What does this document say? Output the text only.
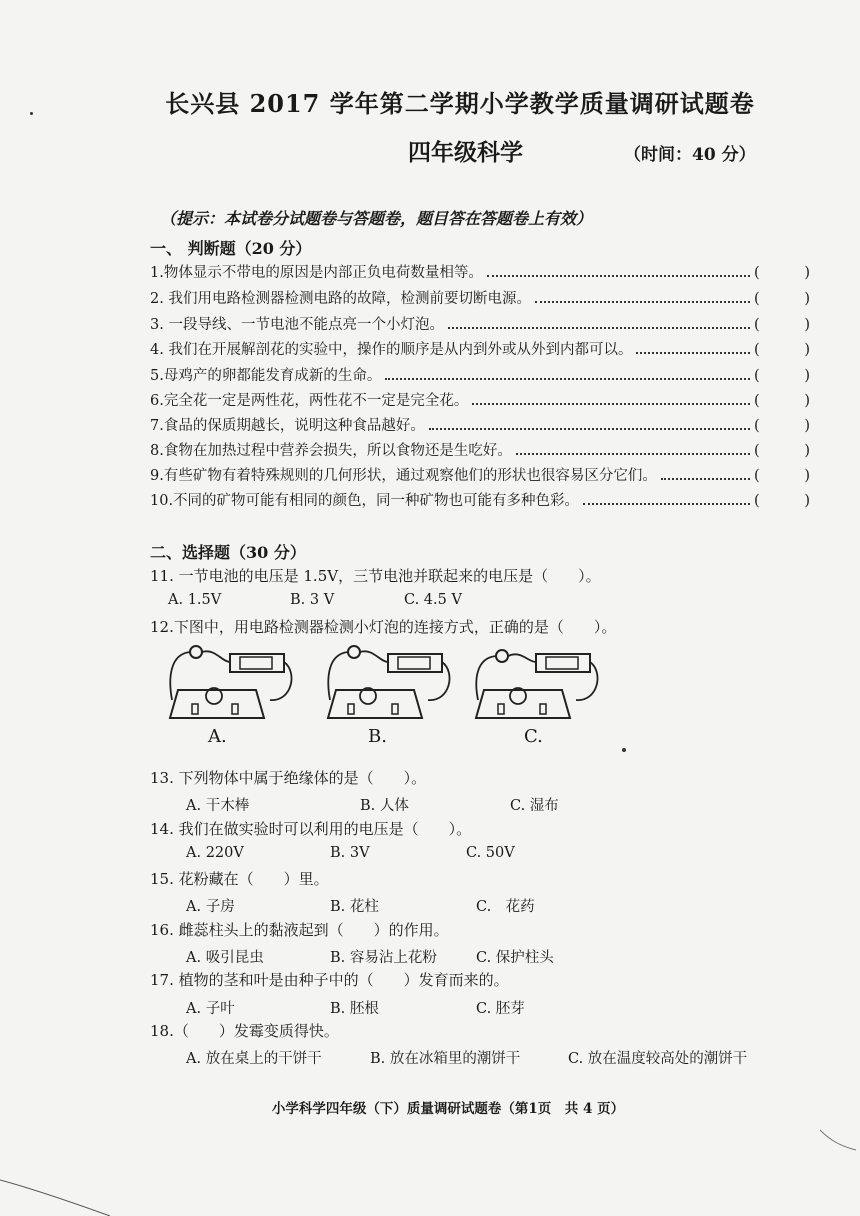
长兴县 2017 学年第二学期小学教学质量调研试题卷
四年级科学	（时间：40 分）
（提示：本试卷分试题卷与答题卷，题目答在答题卷上有效）
一、 判断题（20 分）
1.物体显示不带电的原因是内部正负电荷数量相等。	(	)
2. 我们用电路检测器检测电路的故障，检测前要切断电源。	(	)
3. 一段导线、一节电池不能点亮一个小灯泡。	(	)
4. 我们在开展解剖花的实验中，操作的顺序是从内到外或从外到内都可以。	(	)
5.母鸡产的卵都能发育成新的生命。	(	)
6.完全花一定是两性花，两性花不一定是完全花。	(	)
7.食品的保质期越长，说明这种食品越好。	(	)
8.食物在加热过程中营养会损失，所以食物还是生吃好。	(	)
9.有些矿物有着特殊规则的几何形状，通过观察他们的形状也很容易区分它们。	(	)
10.不同的矿物可能有相同的颜色，同一种矿物也可能有多种色彩。	(	)
二、选择题（30 分）
11. 一节电池的电压是 1.5V，三节电池并联起来的电压是（　　）。
A. 1.5V	B. 3 V	C. 4.5 V
12.下图中，用电路检测器检测小灯泡的连接方式，正确的是（　　）。
A.	B.	C.
13. 下列物体中属于绝缘体的是（　　）。
A. 干木棒	B. 人体	C. 湿布
14. 我们在做实验时可以利用的电压是（　　）。
A. 220V	B. 3V	C. 50V
15. 花粉藏在（　　）里。
A. 子房	B. 花柱	C.　花药
16. 雌蕊柱头上的黏液起到（　　）的作用。
A. 吸引昆虫	B. 容易沾上花粉	C. 保护柱头
17. 植物的茎和叶是由种子中的（　　）发育而来的。
A. 子叶	B. 胚根	C. 胚芽
18.（　　）发霉变质得快。
A. 放在桌上的干饼干	B. 放在冰箱里的潮饼干	C. 放在温度较高处的潮饼干
小学科学四年级（下）质量调研试题卷（第1页　共 4 页）
